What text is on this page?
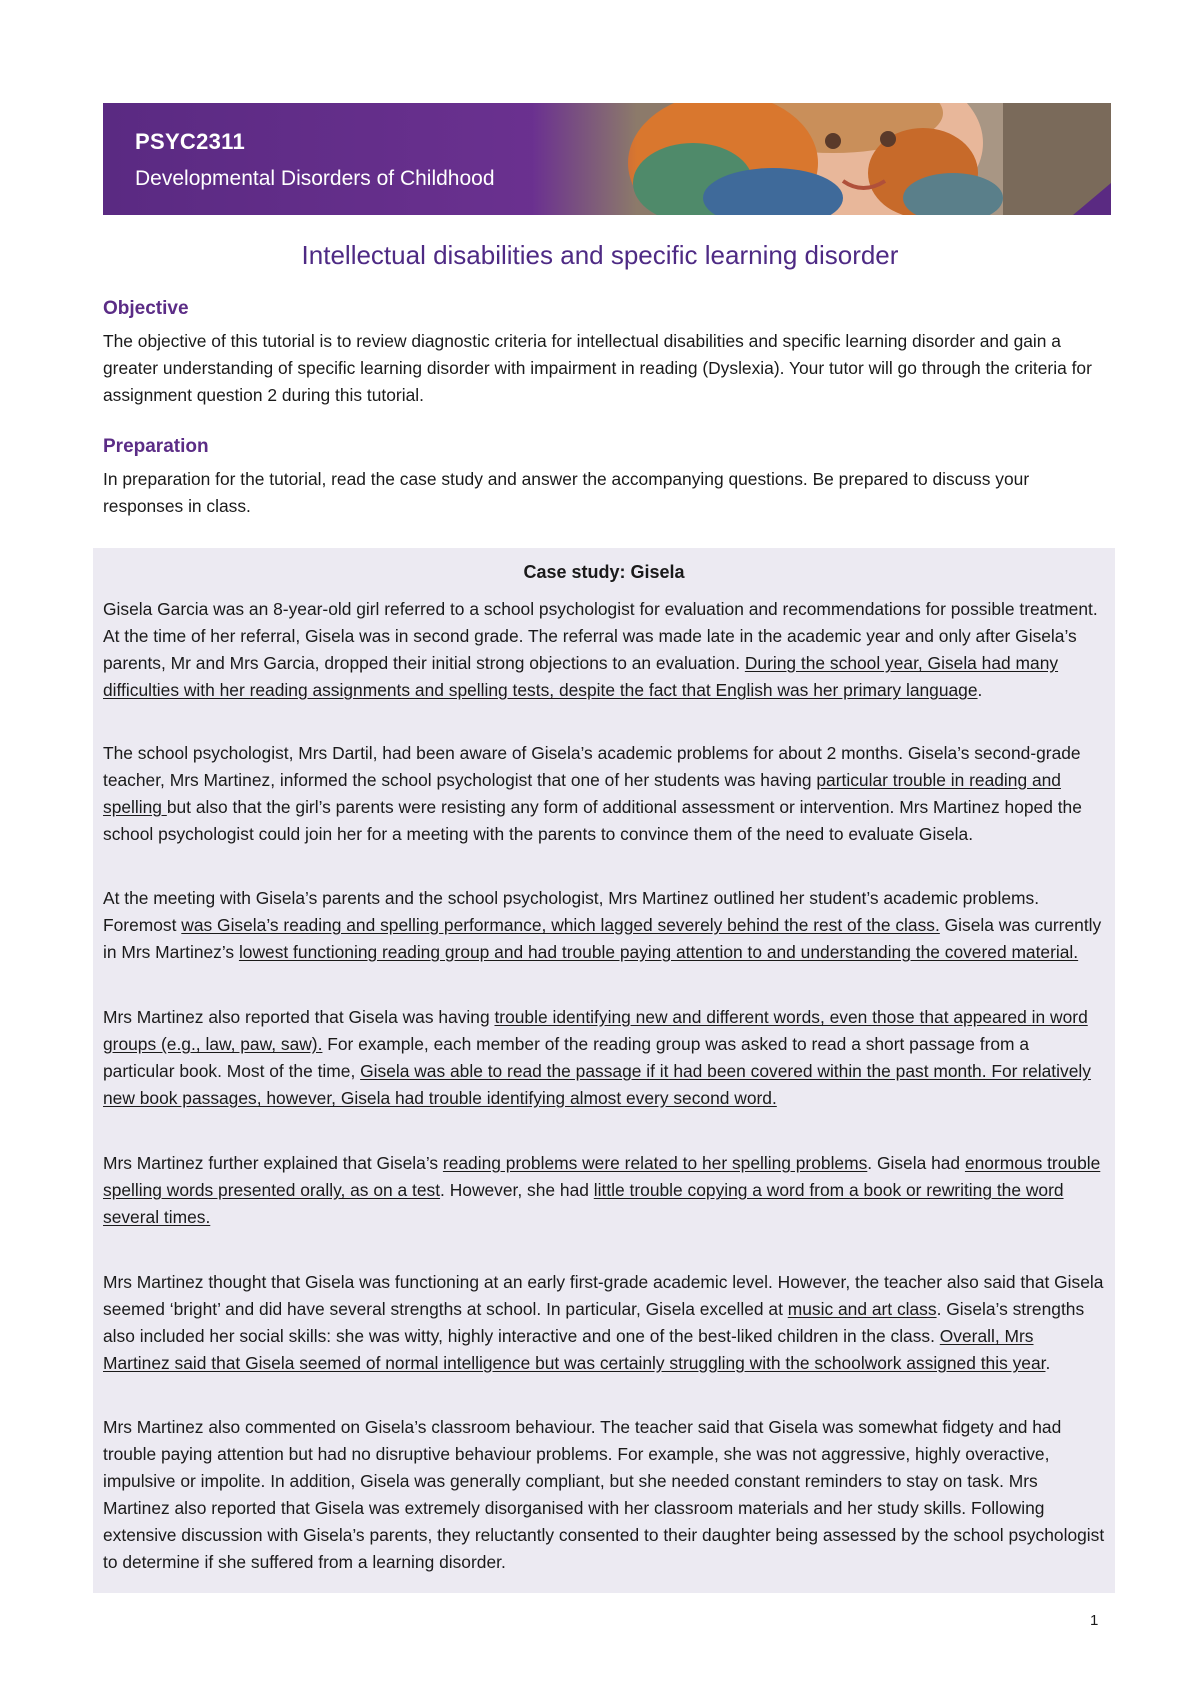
PSYC2311
Developmental Disorders of Childhood
Intellectual disabilities and specific learning disorder
Objective
The objective of this tutorial is to review diagnostic criteria for intellectual disabilities and specific learning disorder and gain a greater understanding of specific learning disorder with impairment in reading (Dyslexia). Your tutor will go through the criteria for assignment question 2 during this tutorial.
Preparation
In preparation for the tutorial, read the case study and answer the accompanying questions. Be prepared to discuss your responses in class.
Case study: Gisela

Gisela Garcia was an 8-year-old girl referred to a school psychologist for evaluation and recommendations for possible treatment. At the time of her referral, Gisela was in second grade. The referral was made late in the academic year and only after Gisela’s parents, Mr and Mrs Garcia, dropped their initial strong objections to an evaluation. During the school year, Gisela had many difficulties with her reading assignments and spelling tests, despite the fact that English was her primary language.

The school psychologist, Mrs Dartil, had been aware of Gisela’s academic problems for about 2 months. Gisela’s second-grade teacher, Mrs Martinez, informed the school psychologist that one of her students was having particular trouble in reading and spelling but also that the girl’s parents were resisting any form of additional assessment or intervention. Mrs Martinez hoped the school psychologist could join her for a meeting with the parents to convince them of the need to evaluate Gisela.

At the meeting with Gisela’s parents and the school psychologist, Mrs Martinez outlined her student’s academic problems. Foremost was Gisela’s reading and spelling performance, which lagged severely behind the rest of the class. Gisela was currently in Mrs Martinez’s lowest functioning reading group and had trouble paying attention to and understanding the covered material.

Mrs Martinez also reported that Gisela was having trouble identifying new and different words, even those that appeared in word groups (e.g., law, paw, saw). For example, each member of the reading group was asked to read a short passage from a particular book. Most of the time, Gisela was able to read the passage if it had been covered within the past month. For relatively new book passages, however, Gisela had trouble identifying almost every second word.

Mrs Martinez further explained that Gisela’s reading problems were related to her spelling problems. Gisela had enormous trouble spelling words presented orally, as on a test. However, she had little trouble copying a word from a book or rewriting the word several times.

Mrs Martinez thought that Gisela was functioning at an early first-grade academic level. However, the teacher also said that Gisela seemed ‘bright’ and did have several strengths at school. In particular, Gisela excelled at music and art class. Gisela’s strengths also included her social skills: she was witty, highly interactive and one of the best-liked children in the class. Overall, Mrs Martinez said that Gisela seemed of normal intelligence but was certainly struggling with the schoolwork assigned this year.

Mrs Martinez also commented on Gisela’s classroom behaviour. The teacher said that Gisela was somewhat fidgety and had trouble paying attention but had no disruptive behaviour problems. For example, she was not aggressive, highly overactive, impulsive or impolite. In addition, Gisela was generally compliant, but she needed constant reminders to stay on task. Mrs Martinez also reported that Gisela was extremely disorganised with her classroom materials and her study skills. Following extensive discussion with Gisela’s parents, they reluctantly consented to their daughter being assessed by the school psychologist to determine if she suffered from a learning disorder.

1
